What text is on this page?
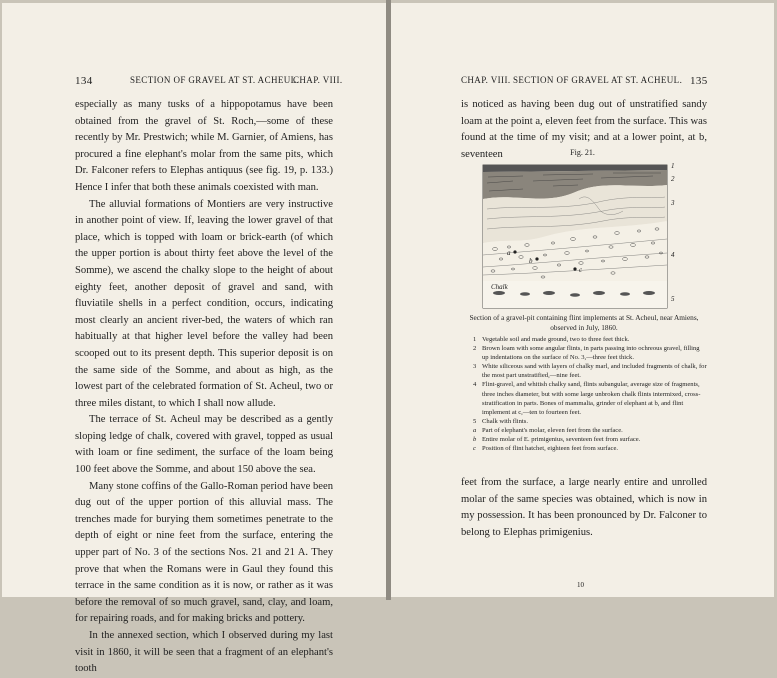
134	SECTION OF GRAVEL AT ST. ACHEUL.
CHAP. VIII.

especially as many tusks of a hippopotamus have been obtained from the gravel of St. Roch,—some of these recently by Mr. Prestwich; while M. Garnier, of Amiens, has procured a fine elephant's molar from the same pits, which Dr. Falconer refers to Elephas antiquus (see fig. 19, p. 133.) Hence I infer that both these animals coexisted with man.

The alluvial formations of Montiers are very instructive in another point of view. If, leaving the lower gravel of that place, which is topped with loam or brick-earth (of which the upper portion is about thirty feet above the level of the Somme), we ascend the chalky slope to the height of about eighty feet, another deposit of gravel and sand, with fluviatile shells in a perfect condition, occurs, indicating most clearly an ancient river-bed, the waters of which ran habitually at that higher level before the valley had been scooped out to its present depth. This superior deposit is on the same side of the Somme, and about as high, as the lowest part of the celebrated formation of St. Acheul, two or three miles distant, to which I shall now allude.

The terrace of St. Acheul may be described as a gently sloping ledge of chalk, covered with gravel, topped as usual with loam or fine sediment, the surface of the loam being 100 feet above the Somme, and about 150 above the sea.

Many stone coffins of the Gallo-Roman period have been dug out of the upper portion of this alluvial mass. The trenches made for burying them sometimes penetrate to the depth of eight or nine feet from the surface, entering the upper part of No. 3 of the sections Nos. 21 and 21 A. They prove that when the Romans were in Gaul they found this terrace in the same condition as it is now, or rather as it was before the removal of so much gravel, sand, clay, and loam, for repairing roads, and for making bricks and pottery.

In the annexed section, which I observed during my last visit in 1860, it will be seen that a fragment of an elephant's tooth

CHAP. VIII. SECTION OF GRAVEL AT ST. ACHEUL. 135

is noticed as having been dug out of unstratified sandy loam at the point a, eleven feet from the surface. This was found at the time of my visit; and at a lower point, at b, seventeen	Fig. 21.
1
2
3
4
5
Chalk
a
b
c
Section of a gravel-pit containing flint implements at St. Acheul, near Amiens, observed in July, 1860.
1 Vegetable soil and made ground, two to three feet thick.
2 Brown loam with some angular flints, in parts passing into ochreous gravel, filling up indentations on the surface of No. 3,—three feet thick.
3 White siliceous sand with layers of chalky marl, and included fragments of chalk, for the most part unstratified,—nine feet.
4 Flint-gravel, and whitish chalky sand, flints subangular, average size of fragments, three inches diameter, but with some large unbroken chalk flints intermixed, cross-stratification in parts. Bones of mammalia, grinder of elephant at b, and flint implement at c,—ten to fourteen feet.
5 Chalk with flints.
a Part of elephant's molar, eleven feet from the surface.
b Entire molar of E. primigenius, seventeen feet from surface.
c Position of flint hatchet, eighteen feet from surface.

feet from the surface, a large nearly entire and unrolled molar of the same species was obtained, which is now in my possession. It has been pronounced by Dr. Falconer to belong to Elephas primigenius.

10
